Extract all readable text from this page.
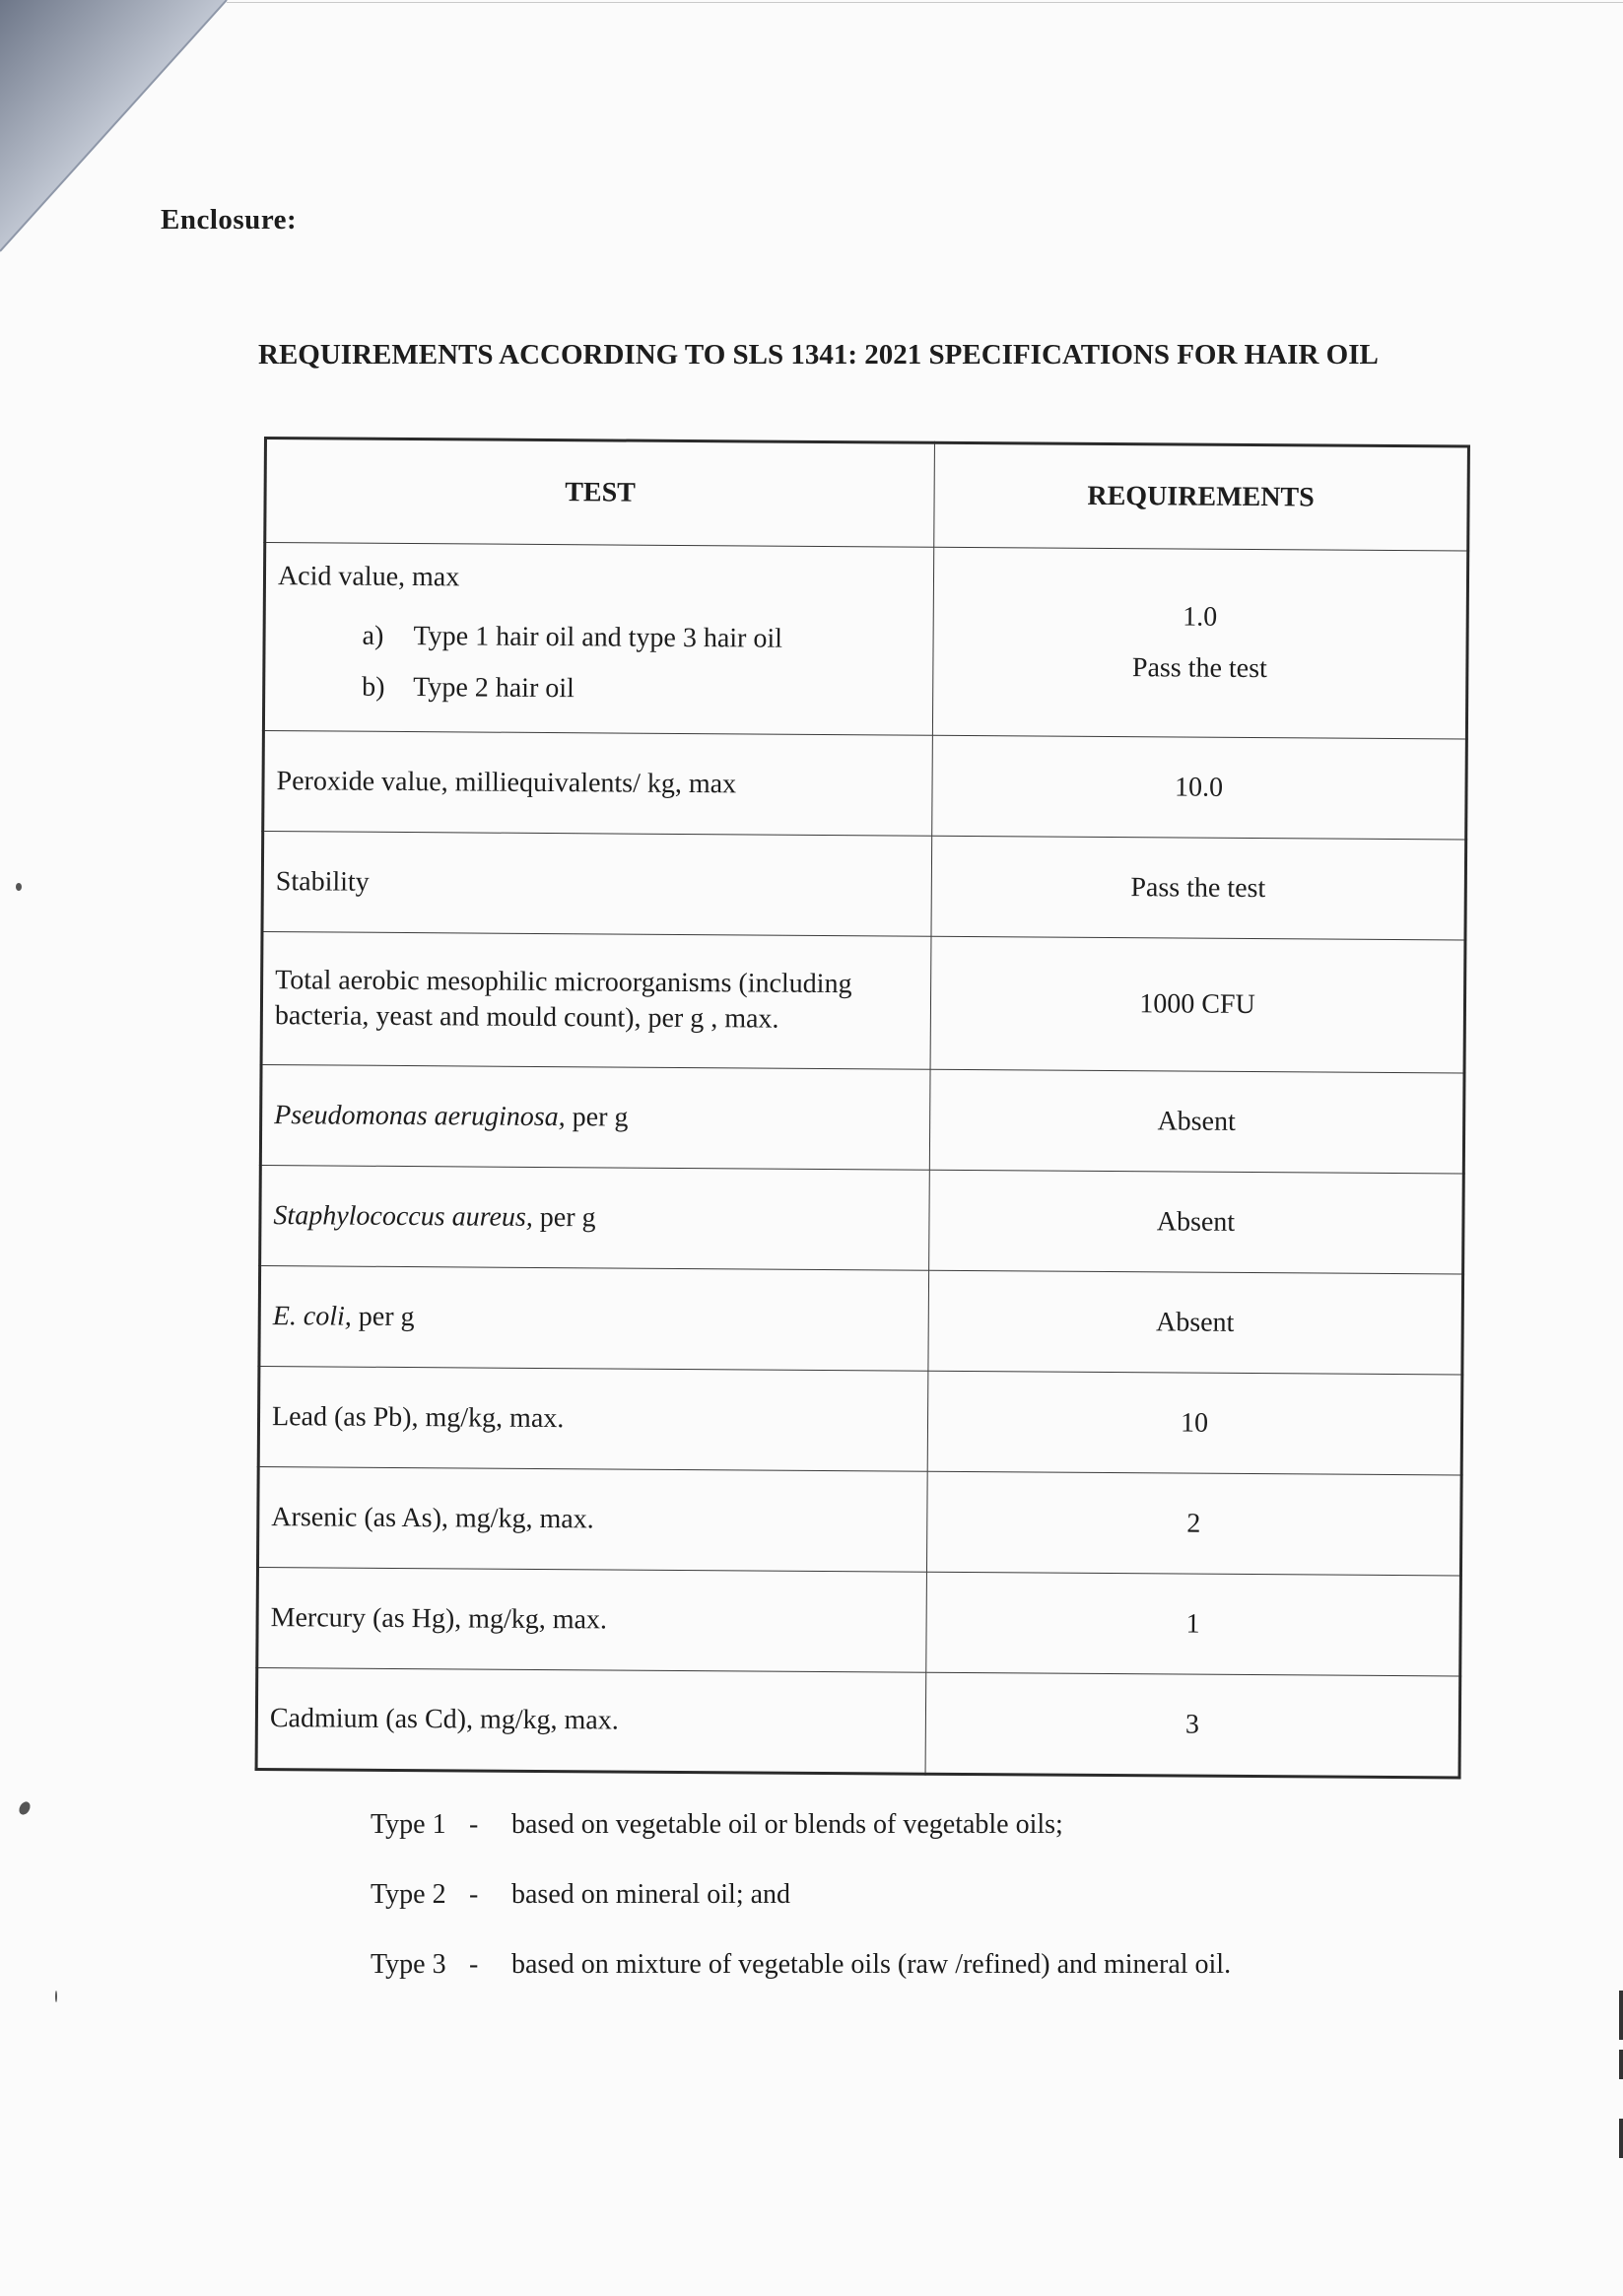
Enclosure:
REQUIREMENTS ACCORDING TO SLS 1341: 2021 SPECIFICATIONS FOR HAIR OIL
TEST	REQUIREMENTS

Acid value, max
a) Type 1 hair oil and type 3 hair oil
b) Type 2 hair oil	1.0
Pass the test

Peroxide value, milliequivalents/ kg, max	10.0
Stability	Pass the test
Total aerobic mesophilic microorganisms (including bacteria, yeast and mould count), per g , max.	1000 CFU
Pseudomonas aeruginosa, per g	Absent
Staphylococcus aureus, per g	Absent
E. coli, per g	Absent
Lead (as Pb), mg/kg, max.	10
Arsenic (as As), mg/kg, max.	2
Mercury (as Hg), mg/kg, max.	1
Cadmium (as Cd), mg/kg, max.	3
Type 1 -	based on vegetable oil or blends of vegetable oils;
Type 2 -	based on mineral oil; and
Type 3 -	based on mixture of vegetable oils (raw /refined) and mineral oil.
